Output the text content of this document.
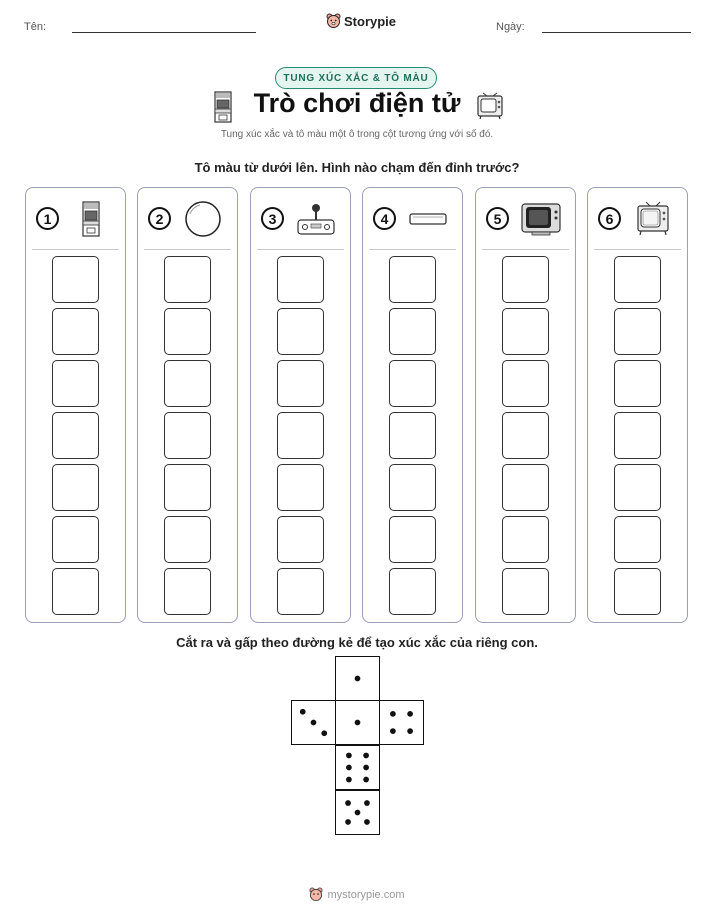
Tên:	Storypie	Ngày:
TUNG XÚC XẮC & TÔ MÀU
Trò chơi điện tử
Tung xúc xắc và tô màu một ô trong cột tương ứng với số đó.
Tô màu từ dưới lên. Hình nào chạm đến đỉnh trước?
1	2	3	4	5	6
Cắt ra và gấp theo đường kẻ để tạo xúc xắc của riêng con.
mystorypie.com
